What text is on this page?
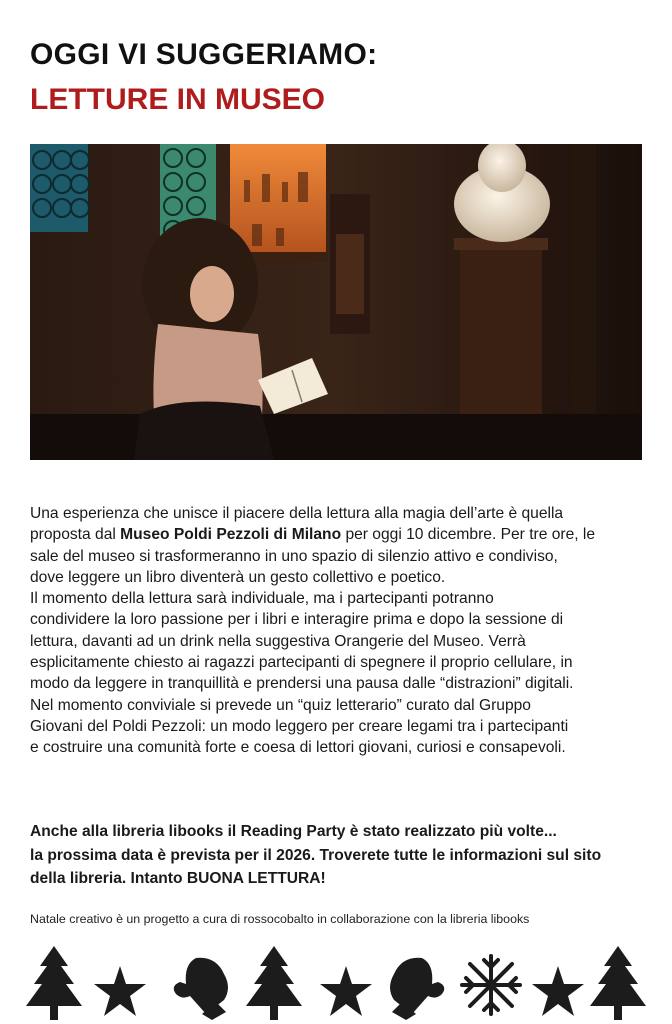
OGGI VI SUGGERIAMO:
LETTURE IN MUSEO

Una esperienza che unisce il piacere della lettura alla magia dell’arte è quella
proposta dal Museo Poldi Pezzoli di Milano per oggi 10 dicembre. Per tre ore, le
sale del museo si trasformeranno in uno spazio di silenzio attivo e condiviso,
dove leggere un libro diventerà un gesto collettivo e poetico.

Il momento della lettura sarà individuale, ma i partecipanti potranno
condividere la loro passione per i libri e interagire prima e dopo la sessione di
lettura, davanti ad un drink nella suggestiva Orangerie del Museo. Verrà
esplicitamente chiesto ai ragazzi partecipanti di spegnere il proprio cellulare, in
modo da leggere in tranquillità e prendersi una pausa dalle “distrazioni” digitali.
Nel momento conviviale si prevede un “quiz letterario” curato dal Gruppo
Giovani del Poldi Pezzoli: un modo leggero per creare legami tra i partecipanti
e costruire una comunità forte e coesa di lettori giovani, curiosi e consapevoli.

Anche alla libreria libooks il Reading Party è stato realizzato più volte...
la prossima data è prevista per il 2026. Troverete tutte le informazioni sul sito
della libreria. Intanto BUONA LETTURA!
Natale creativo è un progetto a cura di rossocobalto in collaborazione con la libreria libooks
